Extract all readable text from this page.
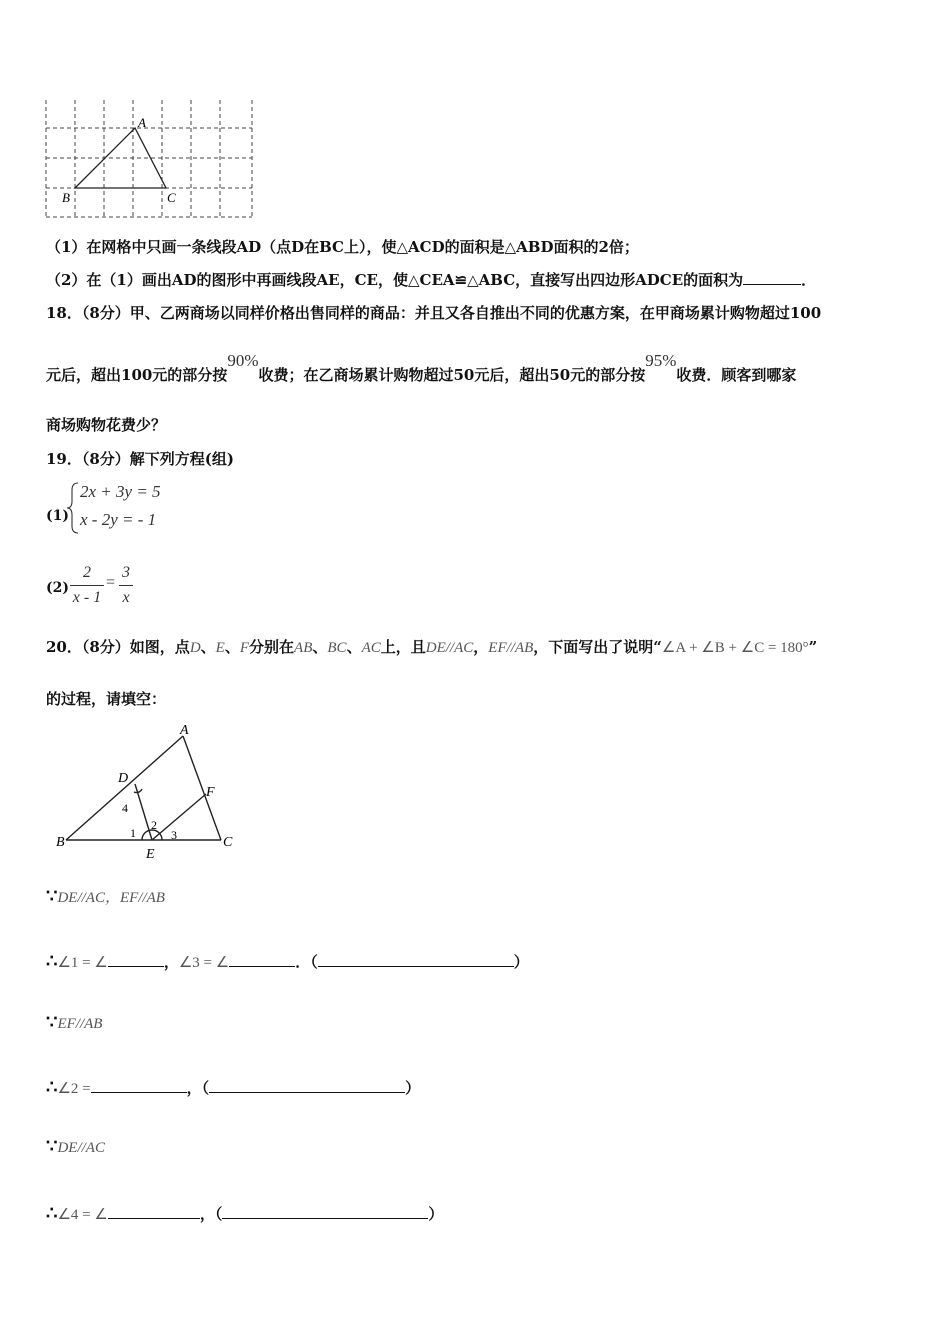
A
B	C
（1）在网格中只画一条线段AD（点D在BC上），使△ACD的面积是△ABD面积的2倍；
（2）在（1）画出AD的图形中再画线段AE，CE，使△CEA≌△ABC，直接写出四边形ADCE的面积为	．
18．（8分）甲、乙两商场以同样价格出售同样的商品：并且又各自推出不同的优惠方案，在甲商场累计购物超过100
元后，超出100元的部分按90%收费；在乙商场累计购物超过50元后，超出50元的部分按95%收费．顾客到哪家
商场购物花费少？
19．（8分）解下列方程(组)
(1)
2x + 3y = 5
x - 2y = - 1
(2)
2
x - 1
=
3
x
20．（8分）如图，点D、E、F分别在AB、BC、AC上，且DE//AC，EF//AB，下面写出了说明“∠A + ∠B + ∠C = 180°”
的过程，请填空：
A
B	C
D
E
F
1
2
3
4
∵DE//AC，EF//AB
∴∠1 = ∠	，∠3 = ∠	．（	）
∵EF//AB
∴∠2 =	，（	）
∵DE//AC
∴∠4 = ∠	，（	）
